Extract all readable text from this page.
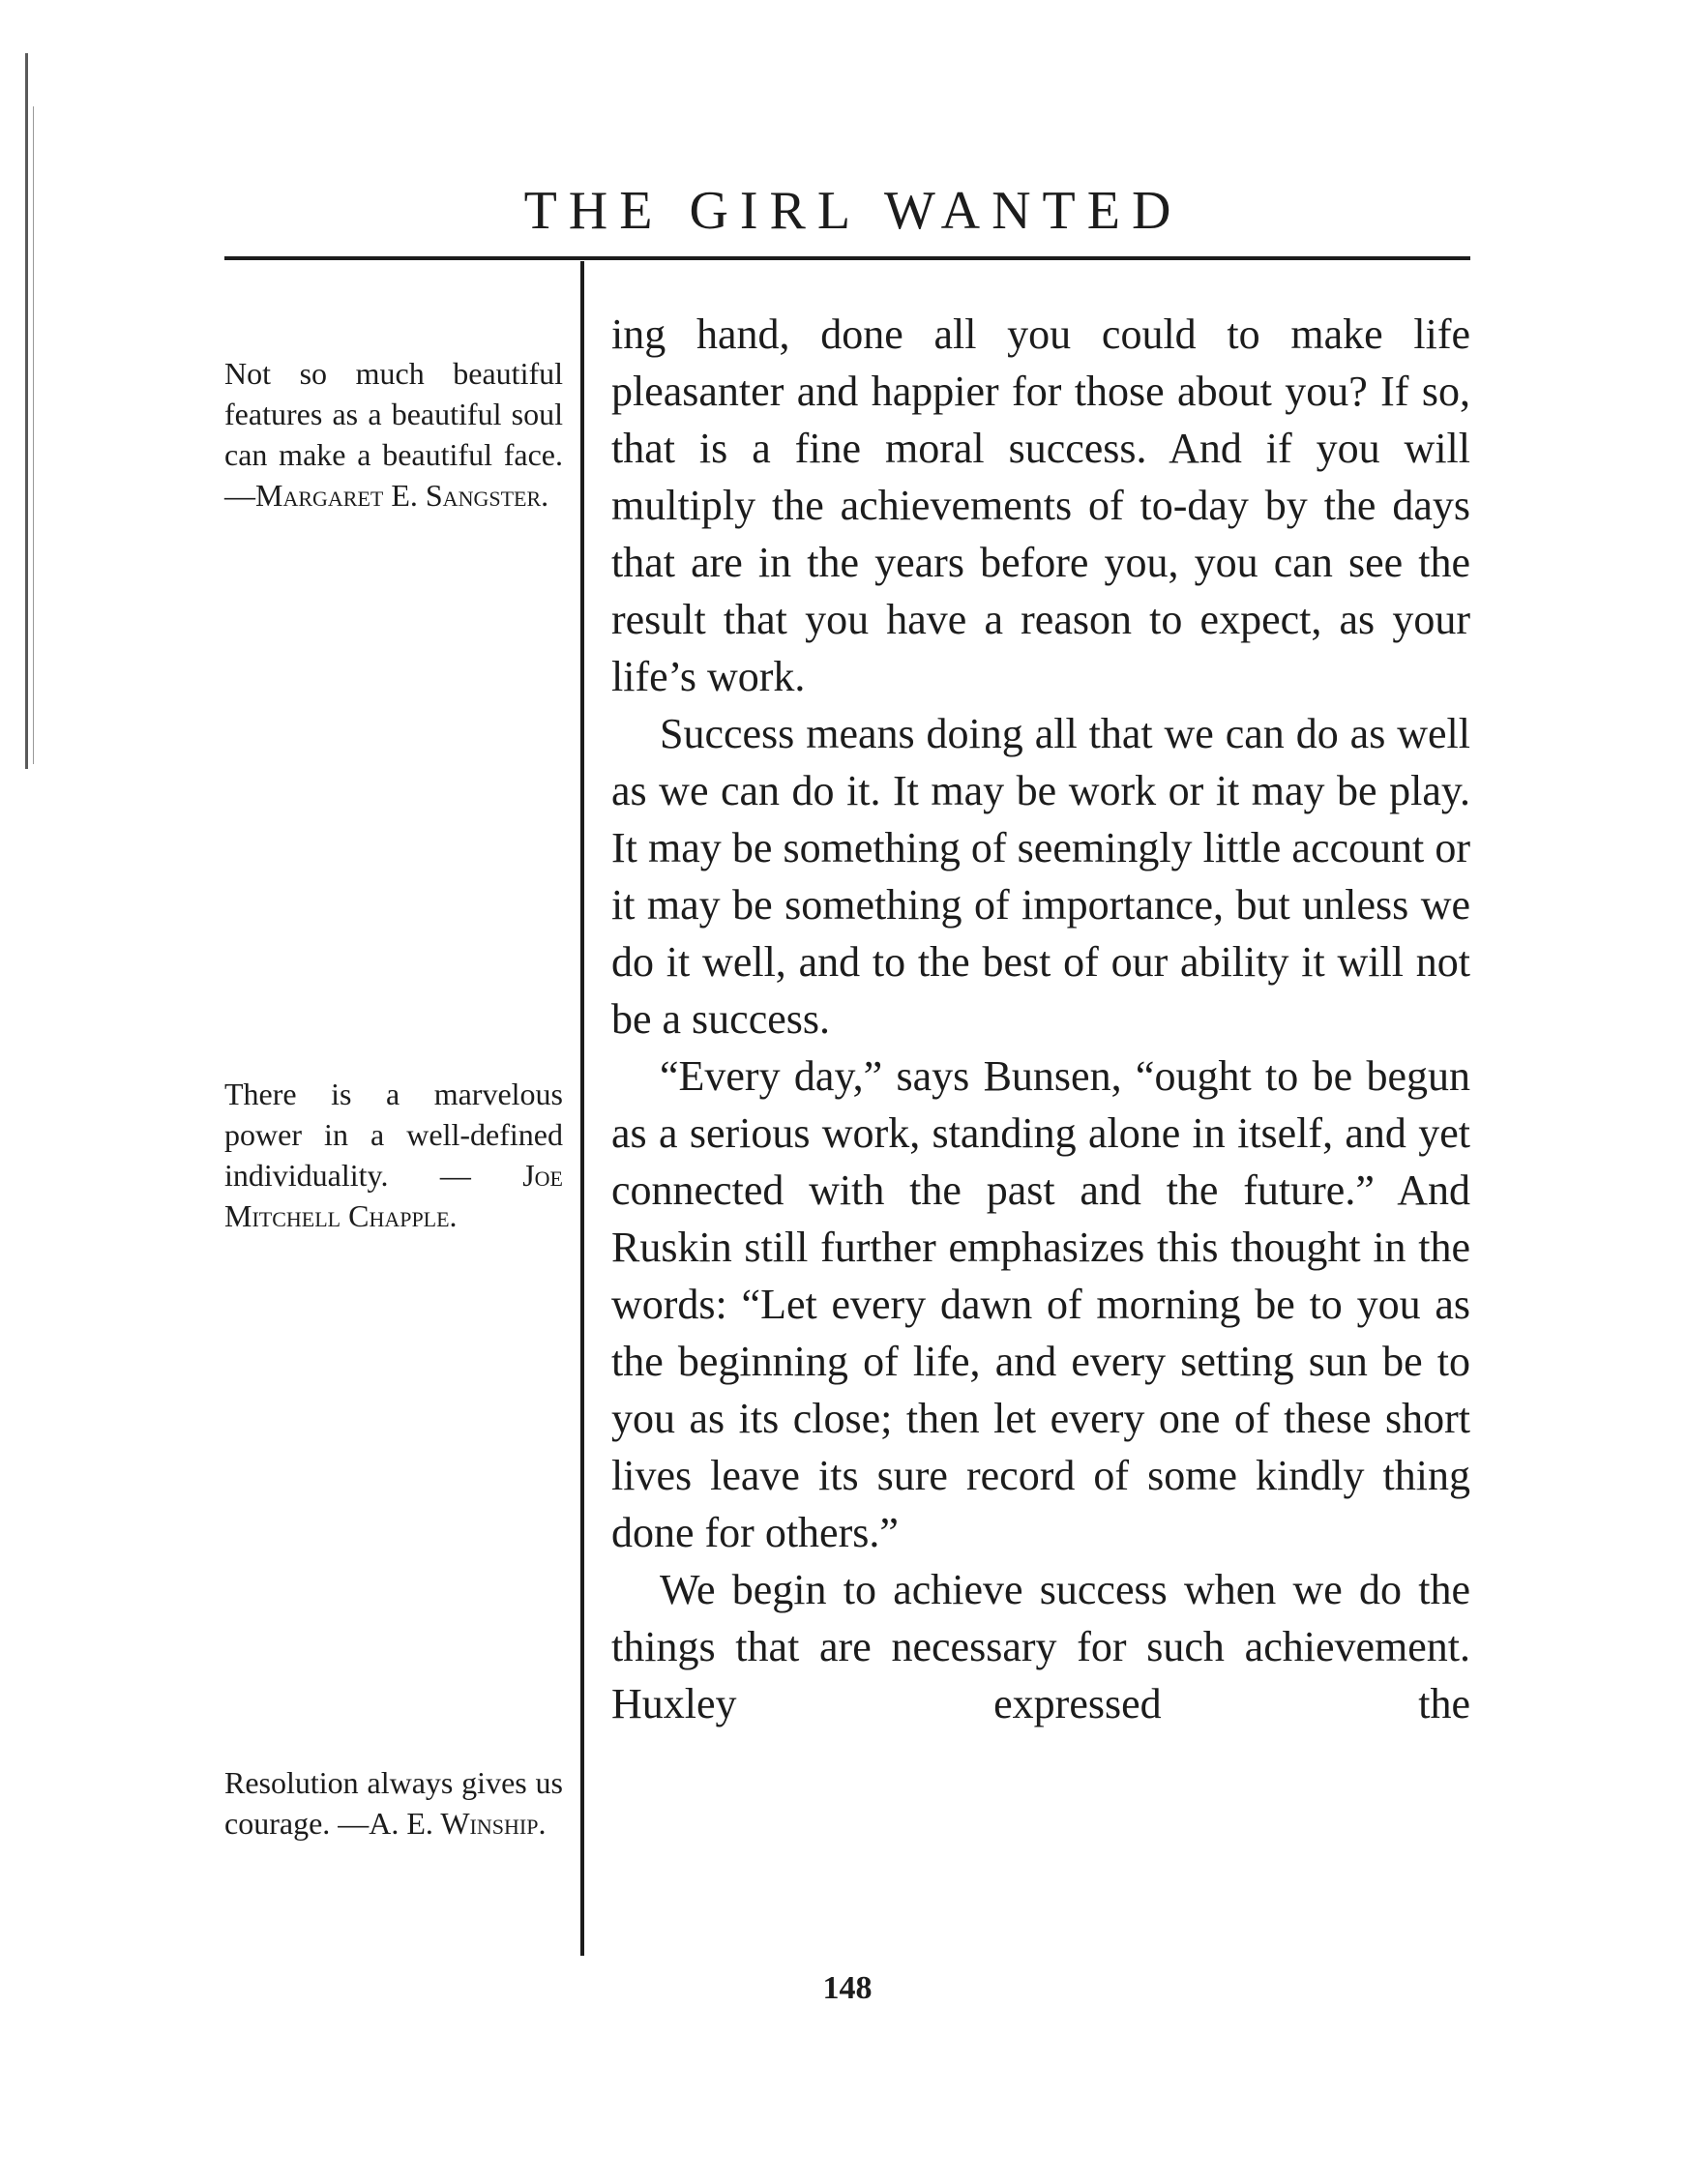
THE GIRL WANTED
Not so much beautiful features as a beautiful soul can make a beautiful face. —Margaret E. Sangster.
There is a marvelous power in a well-defined individuality. — Joe Mitchell Chapple.
Resolution always gives us courage. —A. E. Winship.

ing hand, done all you could to make life pleasanter and happier for those about you? If so, that is a fine moral success. And if you will multiply the achievements of to-day by the days that are in the years before you, you can see the result that you have a reason to expect, as your life’s work.

Success means doing all that we can do as well as we can do it. It may be work or it may be play. It may be something of seemingly little account or it may be something of importance, but unless we do it well, and to the best of our ability it will not be a success.

“Every day,” says Bunsen, “ought to be begun as a serious work, standing alone in itself, and yet connected with the past and the future.” And Ruskin still further emphasizes this thought in the words: “Let every dawn of morning be to you as the beginning of life, and every setting sun be to you as its close; then let every one of these short lives leave its sure record of some kindly thing done for others.”

We begin to achieve success when we do the things that are necessary for such achievement. Huxley expressed the

148
